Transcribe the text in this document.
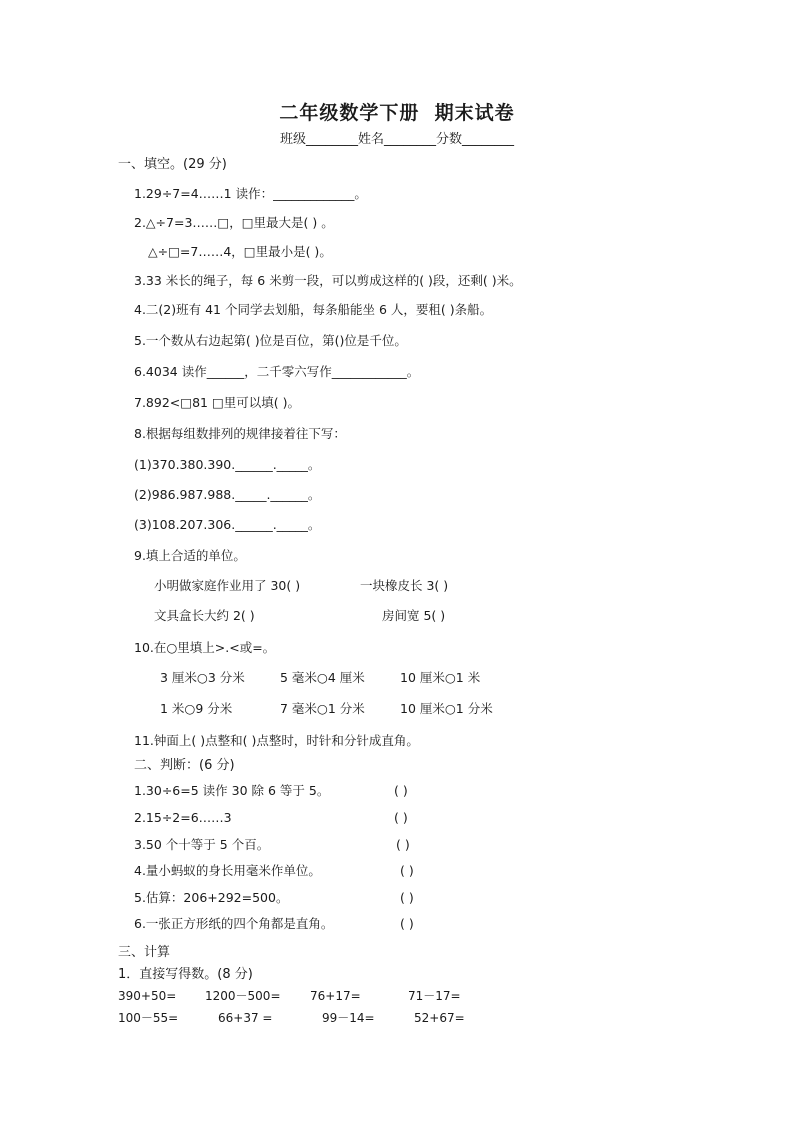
二年级数学下册  期末试卷
班级________姓名________分数________
一、填空。(29 分)
1.29÷7=4……1 读作：_____________。
2.△÷7=3……□，□里最大是( ) 。
△÷□=7……4，□里最小是( )。
3.33 米长的绳子，每 6 米剪一段，可以剪成这样的( )段，还剩( )米。
4.二(2)班有 41 个同学去划船，每条船能坐 6 人，要租( )条船。
5.一个数从右边起第( )位是百位，第()位是千位。
6.4034 读作______，二千零六写作____________。
7.892<□81 □里可以填( )。
8.根据每组数排列的规律接着往下写：
(1)370.380.390.______._____。
(2)986.987.988._____.______。
(3)108.207.306.______._____。
9.填上合适的单位。
小明做家庭作业用了 30( )	一块橡皮长 3( )
文具盒长大约 2( )	房间宽 5( )
10.在○里填上>.<或=。
3 厘米○3 分米	5 毫米○4 厘米	10 厘米○1 米
1 米○9 分米	7 毫米○1 分米	10 厘米○1 分米
11.钟面上( )点整和( )点整时，时针和分针成直角。
二、判断：(6 分)
1.30÷6=5 读作 30 除 6 等于 5。	( )
2.15÷2=6……3	( )
3.50 个十等于 5 个百。	( )
4.量小蚂蚁的身长用毫米作单位。	( )
5.估算：206+292=500。	( )
6.一张正方形纸的四个角都是直角。	( )
三、计算
1．直接写得数。(8 分)
390+50= 1200－500= 76+17=	71－17=
100－55=	66+37 =	99－14=	52+67=
